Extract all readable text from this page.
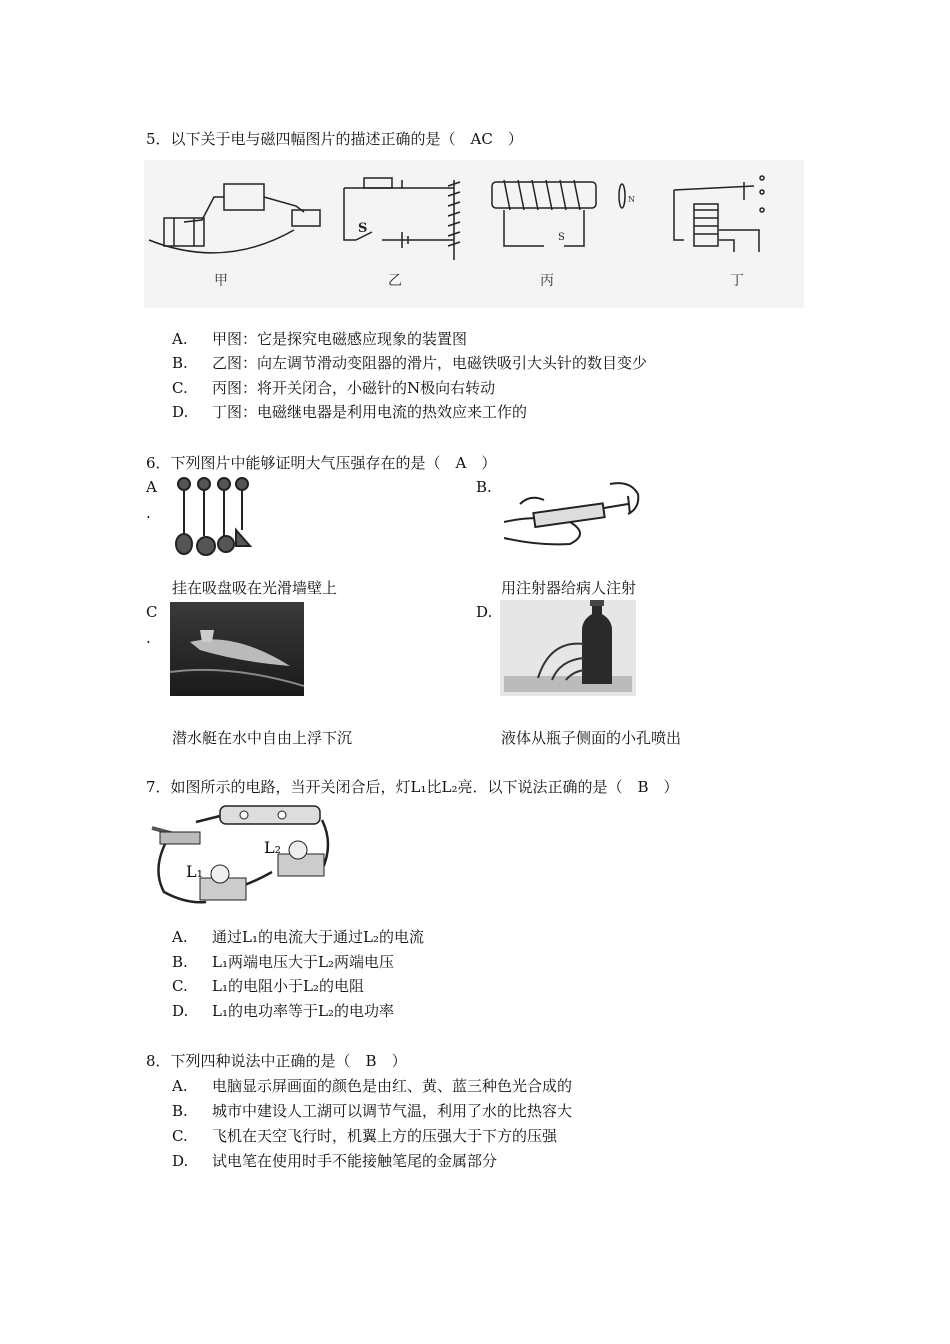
5．以下关于电与磁四幅图片的描述正确的是（　AC　）
甲
S
乙
N
S
丙	丁
A. 甲图：它是探究电磁感应现象的装置图
B. 乙图：向左调节滑动变阻器的滑片，电磁铁吸引大头针的数目变少
C. 丙图：将开关闭合，小磁针的N极向右转动
D. 丁图：电磁继电器是利用电流的热效应来工作的
6．下列图片中能够证明大气压强存在的是（　A　）
A
.
挂在吸盘吸在光滑墙壁上
B.
用注射器给病人注射
C
.
潜水艇在水中自由上浮下沉
D.
液体从瓶子侧面的小孔喷出
7．如图所示的电路，当开关闭合后，灯L₁比L₂亮．以下说法正确的是（　B　）
L₂
L₁
A. 通过L₁的电流大于通过L₂的电流
B. L₁两端电压大于L₂两端电压
C. L₁的电阻小于L₂的电阻
D. L₁的电功率等于L₂的电功率
8．下列四种说法中正确的是（　B　）
A. 电脑显示屏画面的颜色是由红、黄、蓝三种色光合成的
B. 城市中建设人工湖可以调节气温，利用了水的比热容大
C. 飞机在天空飞行时，机翼上方的压强大于下方的压强
D. 试电笔在使用时手不能接触笔尾的金属部分
